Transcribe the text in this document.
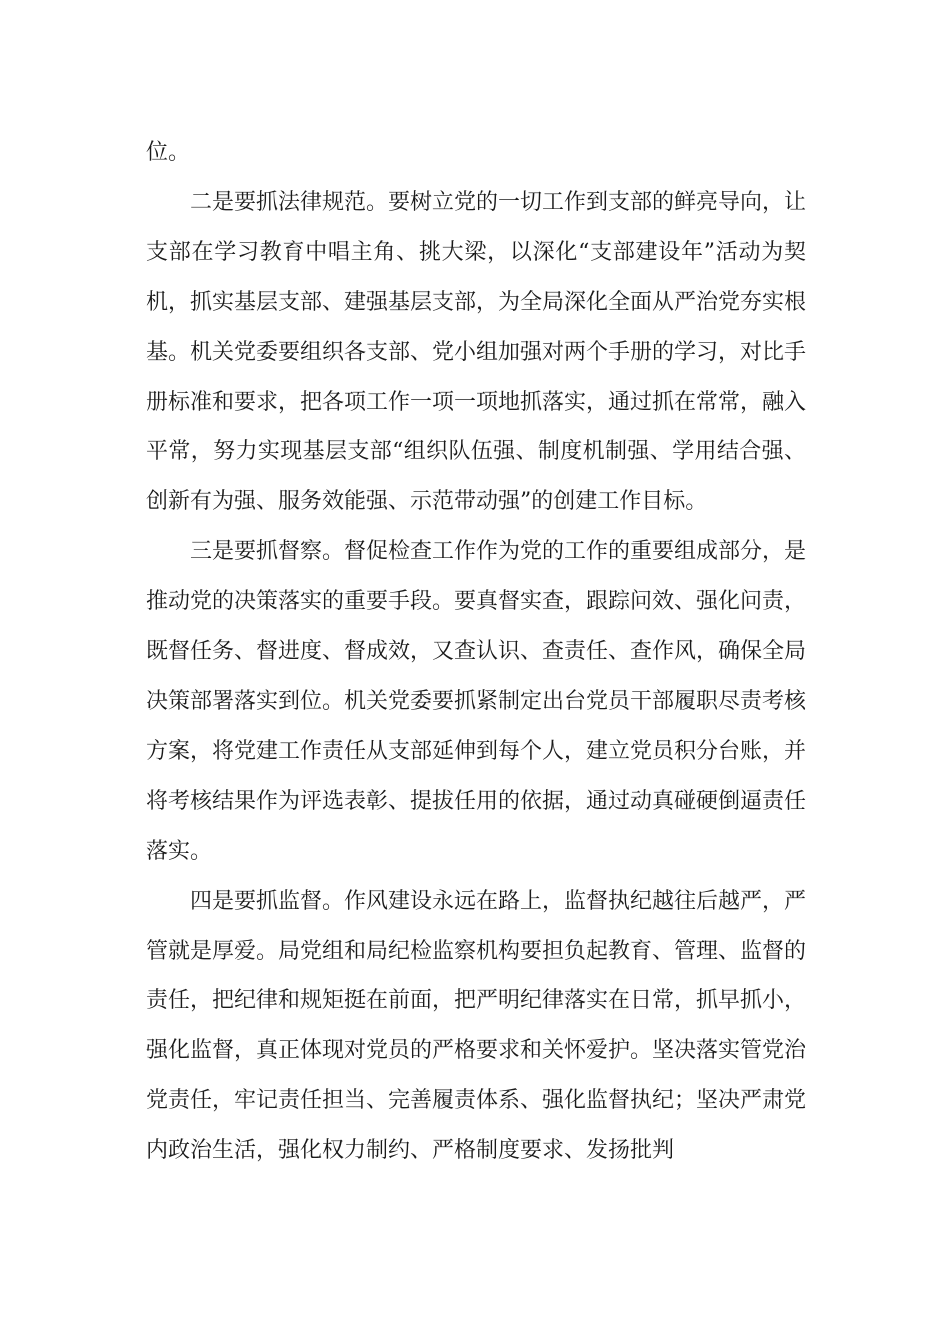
位。

二是要抓法律规范。要树立党的一切工作到支部的鲜亮导向，让支部在学习教育中唱主角、挑大梁，以深化“支部建设年”活动为契机，抓实基层支部、建强基层支部，为全局深化全面从严治党夯实根基。机关党委要组织各支部、党小组加强对两个手册的学习，对比手册标准和要求，把各项工作一项一项地抓落实，通过抓在常常，融入平常，努力实现基层支部“组织队伍强、制度机制强、学用结合强、创新有为强、服务效能强、示范带动强”的创建工作目标。

三是要抓督察。督促检查工作作为党的工作的重要组成部分，是推动党的决策落实的重要手段。要真督实查，跟踪问效、强化问责，既督任务、督进度、督成效，又查认识、查责任、查作风，确保全局决策部署落实到位。机关党委要抓紧制定出台党员干部履职尽责考核方案，将党建工作责任从支部延伸到每个人，建立党员积分台账，并将考核结果作为评选表彰、提拔任用的依据，通过动真碰硬倒逼责任落实。

四是要抓监督。作风建设永远在路上，监督执纪越往后越严，严管就是厚爱。局党组和局纪检监察机构要担负起教育、管理、监督的责任，把纪律和规矩挺在前面，把严明纪律落实在日常，抓早抓小，强化监督，真正体现对党员的严格要求和关怀爱护。坚决落实管党治党责任，牢记责任担当、完善履责体系、强化监督执纪；坚决严肃党内政治生活，强化权力制约、严格制度要求、发扬批判
